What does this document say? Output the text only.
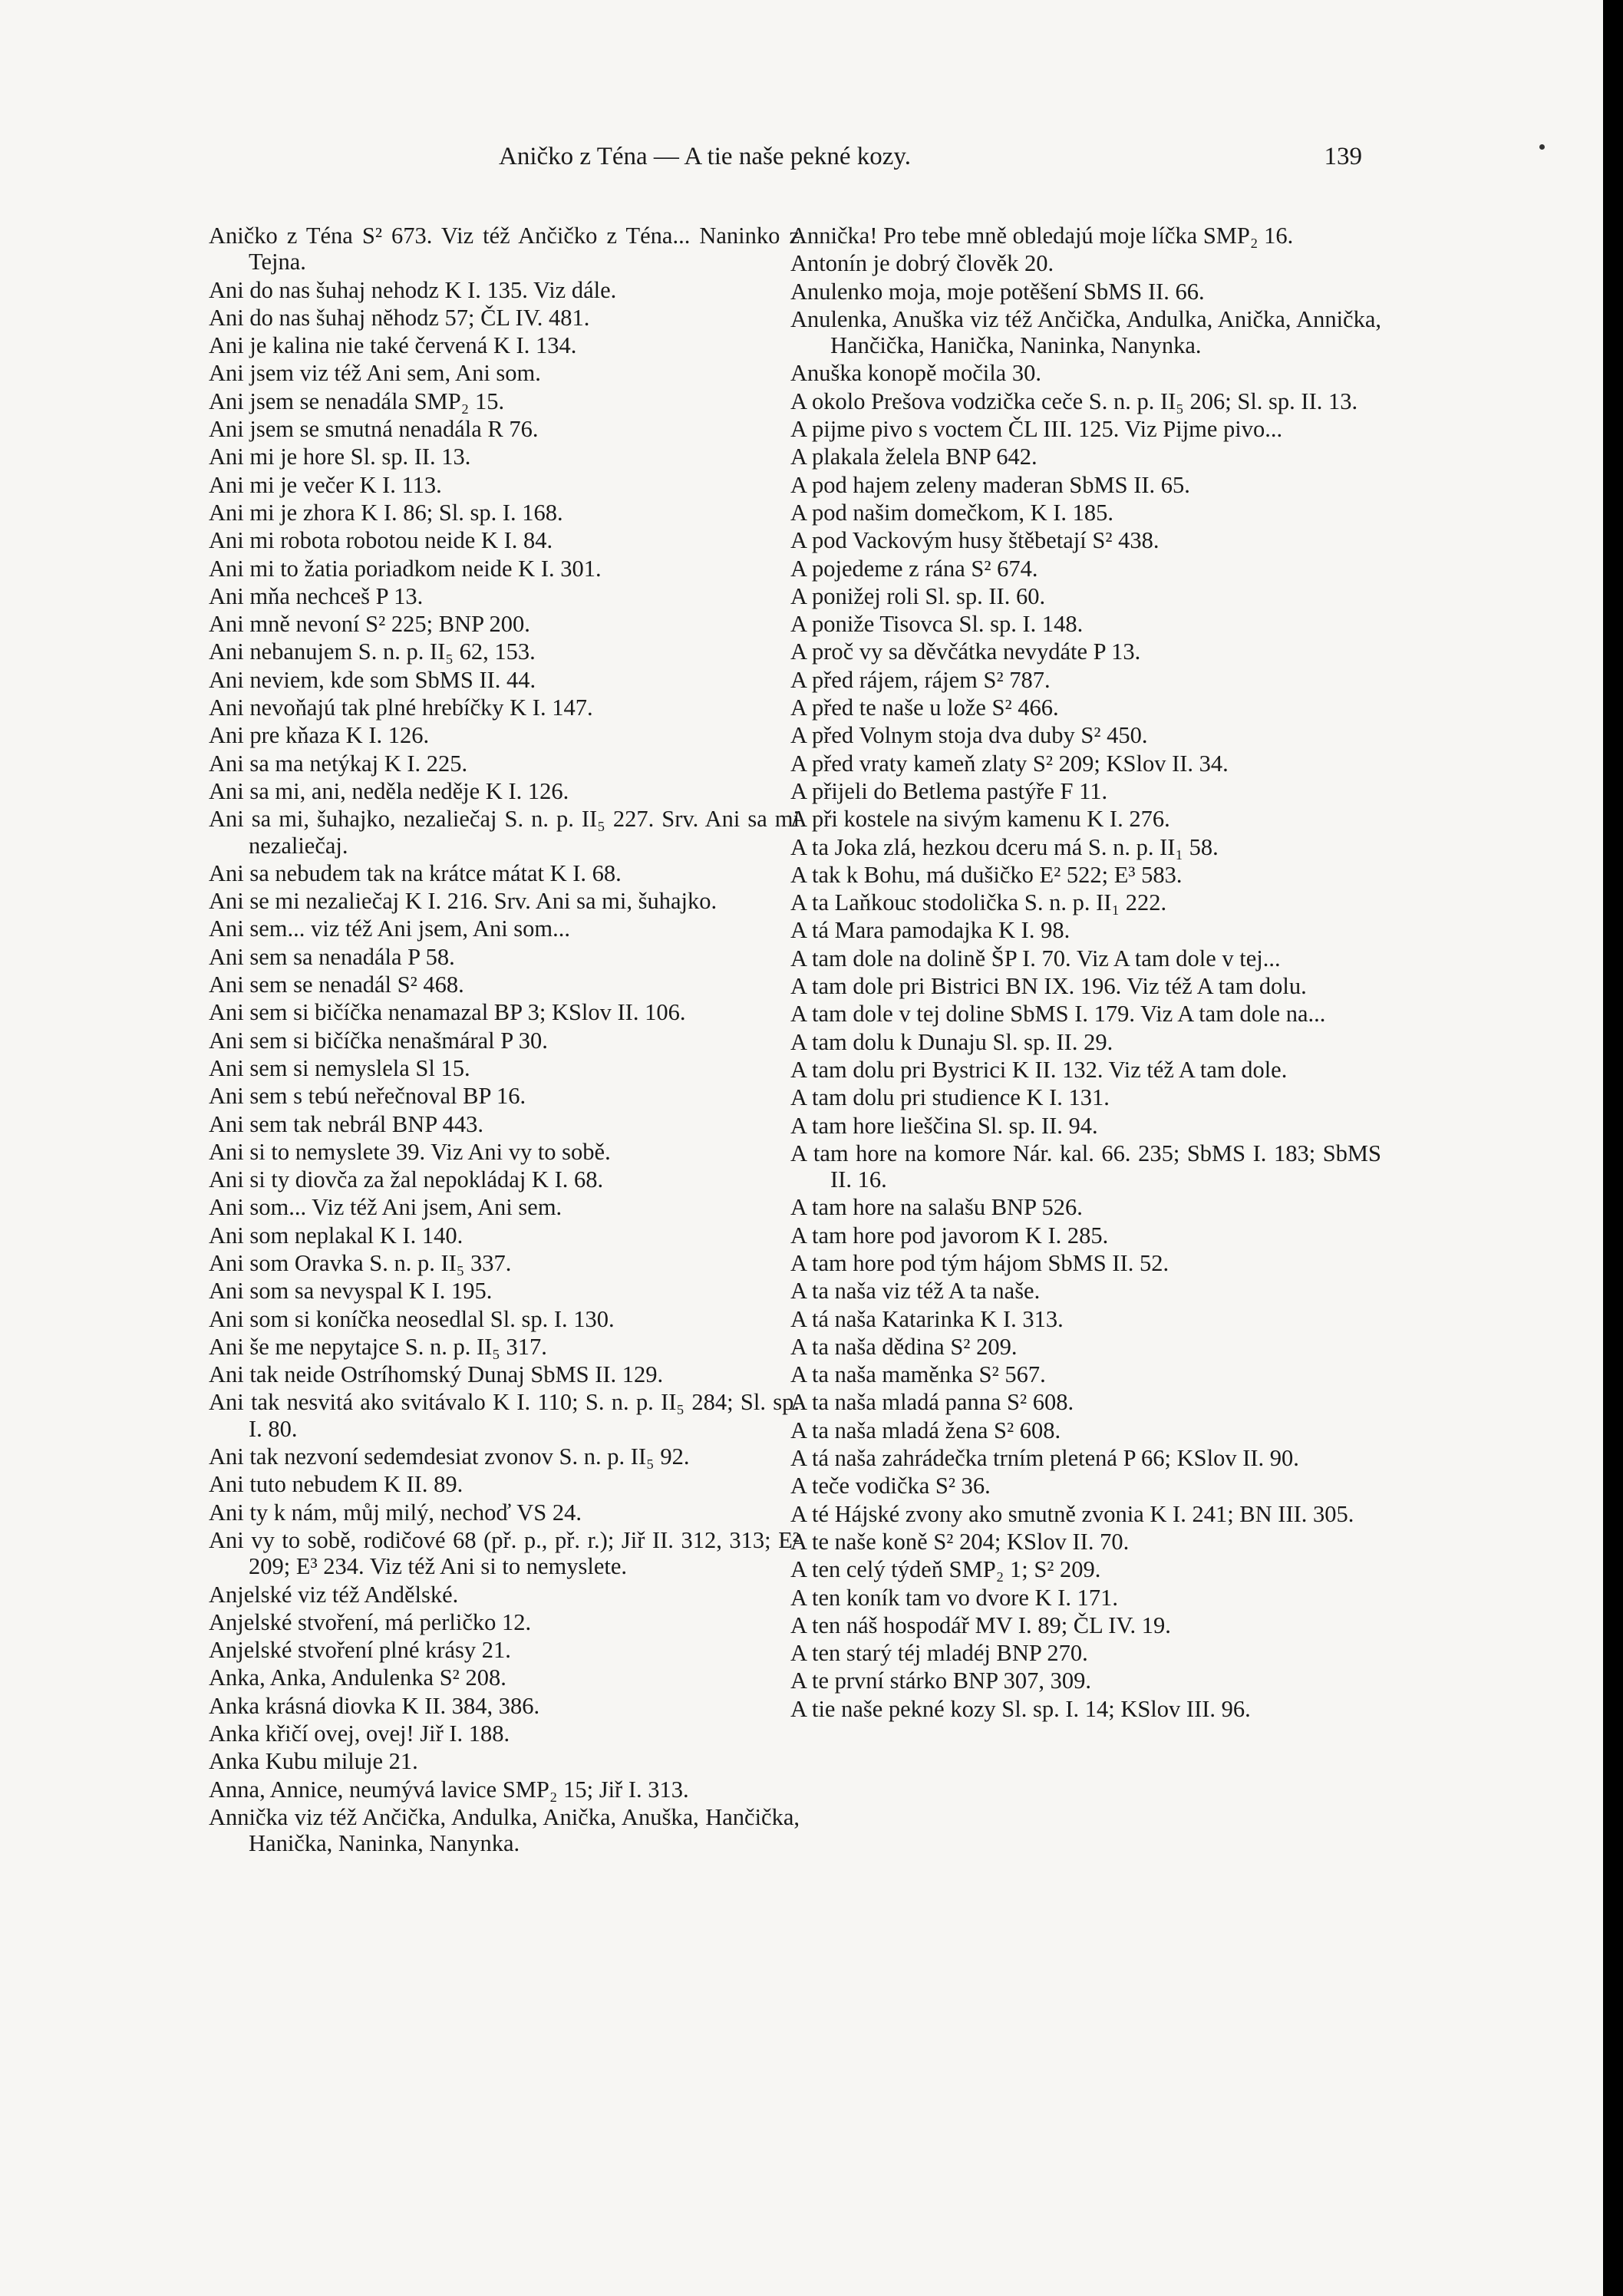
Aničko z Téna — A tie naše pekné kozy.	139

Aničko z Téna S² 673. Viz též Ančičko z Téna... Naninko z Tejna.

Ani do nas šuhaj nehodz K I. 135. Viz dále.

Ani do nas šuhaj nĕhodz 57; ČL IV. 481.

Ani je kalina nie také červená K I. 134.

Ani jsem viz též Ani sem, Ani som.

Ani jsem se nenadála SMP₂ 15.

Ani jsem se smutná nenadála R 76.

Ani mi je hore Sl. sp. II. 13.

Ani mi je večer K I. 113.

Ani mi je zhora K I. 86; Sl. sp. I. 168.

Ani mi robota robotou neide K I. 84.

Ani mi to žatia poriadkom neide K I. 301.

Ani mňa nechceš P 13.

Ani mně nevoní S² 225; BNP 200.

Ani nebanujem S. n. p. II₅ 62, 153.

Ani neviem, kde som SbMS II. 44.

Ani nevoňajú tak plné hrebíčky K I. 147.

Ani pre kňaza K I. 126.

Ani sa ma netýkaj K I. 225.

Ani sa mi, ani, neděla neděje K I. 126.

Ani sa mi, šuhajko, nezaliečaj S. n. p. II₅ 227. Srv. Ani sa mi nezaliečaj.

Ani sa nebudem tak na krátce mátat K I. 68.

Ani se mi nezaliečaj K I. 216. Srv. Ani sa mi, šuhajko.

Ani sem... viz též Ani jsem, Ani som...

Ani sem sa nenadála P 58.

Ani sem se nenadál S² 468.

Ani sem si bičíčka nenamazal BP 3; KSlov II. 106.

Ani sem si bičíčka nenašmáral P 30.

Ani sem si nemyslela Sl 15.

Ani sem s tebú neřečnoval BP 16.

Ani sem tak nebrál BNP 443.

Ani si to nemyslete 39. Viz Ani vy to sobě.

Ani si ty diovča za žal nepokládaj K I. 68.

Ani som... Viz též Ani jsem, Ani sem.

Ani som neplakal K I. 140.

Ani som Oravka S. n. p. II₅ 337.

Ani som sa nevyspal K I. 195.

Ani som si koníčka neosedlal Sl. sp. I. 130.

Ani še me nepytajce S. n. p. II₅ 317.

Ani tak neide Ostríhomský Dunaj SbMS II. 129.

Ani tak nesvitá ako svitávalo K I. 110; S. n. p. II₅ 284; Sl. sp. I. 80.

Ani tak nezvoní sedemdesiat zvonov S. n. p. II₅ 92.

Ani tuto nebudem K II. 89.

Ani ty k nám, můj milý, nechoď VS 24.

Ani vy to sobě, rodičové 68 (př. p., př. r.); Jiř II. 312, 313; E² 209; E³ 234. Viz též Ani si to nemyslete.

Anjelské viz též Andělské.

Anjelské stvoření, má perličko 12.

Anjelské stvoření plné krásy 21.

Anka, Anka, Andulenka S² 208.

Anka krásná diovka K II. 384, 386.

Anka křičí ovej, ovej! Jiř I. 188.

Anka Kubu miluje 21.

Anna, Annice, neumývá lavice SMP₂ 15; Jiř I. 313.

Annička viz též Ančička, Andulka, Anička, Anuška, Hančička, Hanička, Naninka, Nanynka.

Annička! Pro tebe mně obledajú moje líčka SMP₂ 16.

Antonín je dobrý člověk 20.

Anulenko moja, moje potěšení SbMS II. 66.

Anulenka, Anuška viz též Ančička, Andulka, Anička, Annička, Hančička, Hanička, Naninka, Nanynka.

Anuška konopě močila 30.

A okolo Prešova vodzička ceče S. n. p. II₅ 206; Sl. sp. II. 13.

A pijme pivo s voctem ČL III. 125. Viz Pijme pivo...

A plakala želela BNP 642.

A pod hajem zeleny maderan SbMS II. 65.

A pod našim domečkom, K I. 185.

A pod Vackovým husy štěbetají S² 438.

A pojedeme z rána S² 674.

A ponižej roli Sl. sp. II. 60.

A poniže Tisovca Sl. sp. I. 148.

A proč vy sa děvčátka nevydáte P 13.

A před rájem, rájem S² 787.

A před te naše u lože S² 466.

A před Volnym stoja dva duby S² 450.

A před vraty kameň zlaty S² 209; KSlov II. 34.

A přijeli do Betlema pastýře F 11.

A při kostele na sivým kamenu K I. 276.

A ta Joka zlá, hezkou dceru má S. n. p. II₁ 58.

A tak k Bohu, má dušičko E² 522; E³ 583.

A ta Laňkouc stodolička S. n. p. II₁ 222.

A tá Mara pamodajka K I. 98.

A tam dole na dolině ŠP I. 70. Viz A tam dole v tej...

A tam dole pri Bistrici BN IX. 196. Viz též A tam dolu.

A tam dole v tej doline SbMS I. 179. Viz A tam dole na...

A tam dolu k Dunaju Sl. sp. II. 29.

A tam dolu pri Bystrici K II. 132. Viz též A tam dole.

A tam dolu pri studience K I. 131.

A tam hore lieščina Sl. sp. II. 94.

A tam hore na komore Nár. kal. 66. 235; SbMS I. 183; SbMS II. 16.

A tam hore na salašu BNP 526.

A tam hore pod javorom K I. 285.

A tam hore pod tým hájom SbMS II. 52.

A ta naša viz též A ta naše.

A tá naša Katarinka K I. 313.

A ta naša dědina S² 209.

A ta naša maměnka S² 567.

A ta naša mladá panna S² 608.

A ta naša mladá žena S² 608.

A tá naša zahrádečka trním pletená P 66; KSlov II. 90.

A teče vodička S² 36.

A té Hájské zvony ako smutně zvonia K I. 241; BN III. 305.

A te naše koně S² 204; KSlov II. 70.

A ten celý týdeň SMP₂ 1; S² 209.

A ten koník tam vo dvore K I. 171.

A ten náš hospodář MV I. 89; ČL IV. 19.

A ten starý téj mladéj BNP 270.

A te první stárko BNP 307, 309.

A tie naše pekné kozy Sl. sp. I. 14; KSlov III. 96.
